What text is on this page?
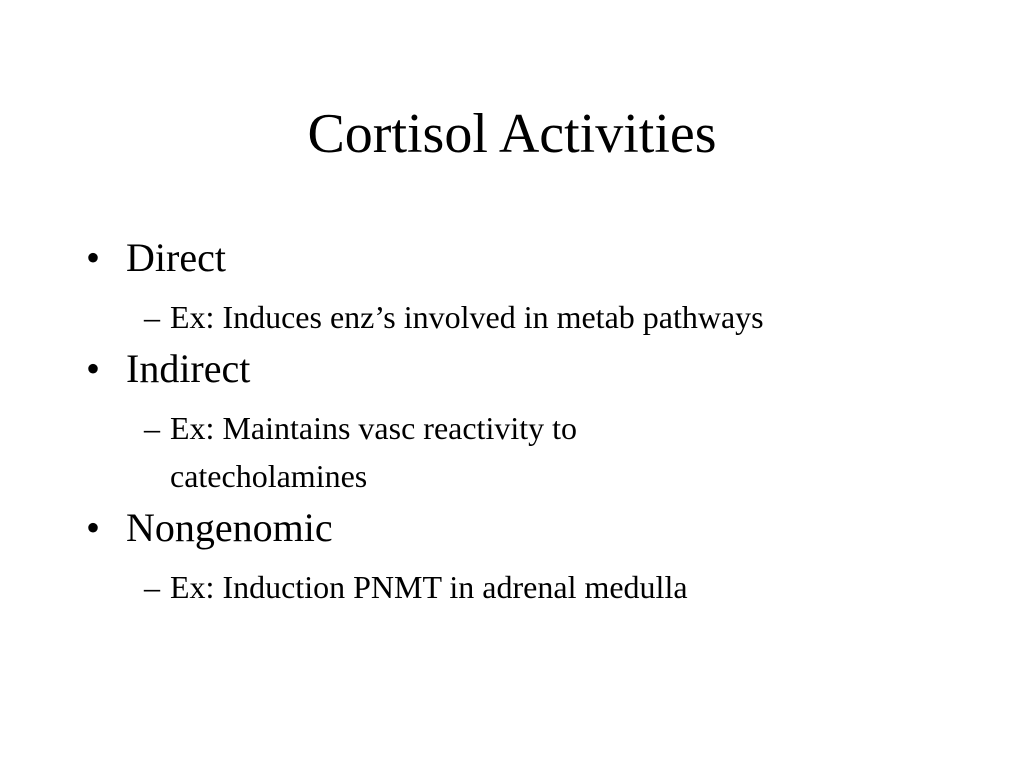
Cortisol Activities
• Direct
– Ex: Induces enz’s involved in metab pathways
• Indirect
– Ex: Maintains vasc reactivity to catecholamines
• Nongenomic
– Ex: Induction PNMT in adrenal medulla
